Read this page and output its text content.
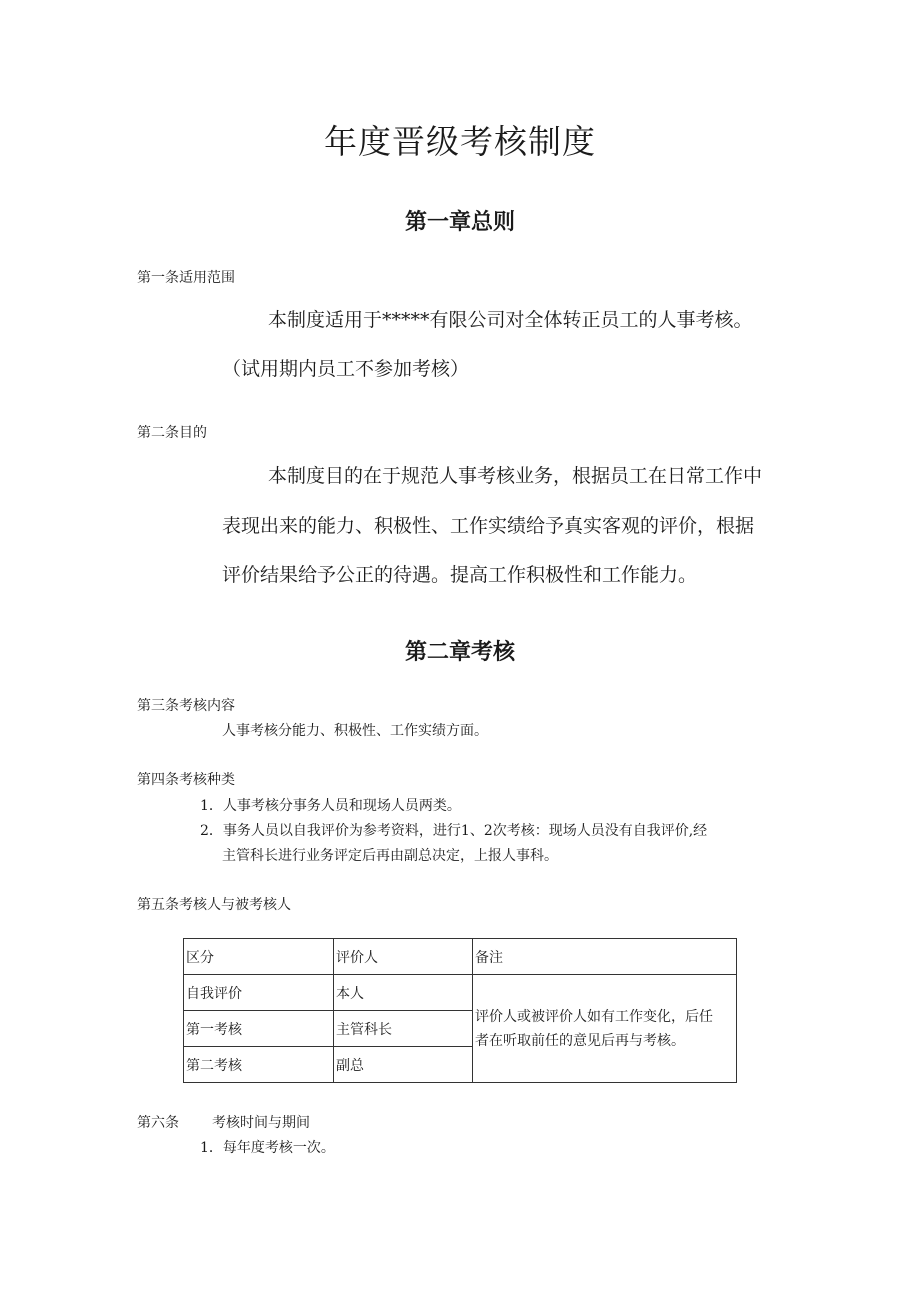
年度晋级考核制度
第一章总则
第一条适用范围
本制度适用于*****有限公司对全体转正员工的人事考核。
（试用期内员工不参加考核）
第二条目的
本制度目的在于规范人事考核业务，根据员工在日常工作中
表现出来的能力、积极性、工作实绩给予真实客观的评价，根据
评价结果给予公正的待遇。提高工作积极性和工作能力。
第二章考核
第三条考核内容
人事考核分能力、积极性、工作实绩方面。
第四条考核种类
1．人事考核分事务人员和现场人员两类。
2．事务人员以自我评价为参考资料，进行1、2次考核：现场人员没有自我评价,经
主管科长进行业务评定后再由副总决定，上报人事科。
第五条考核人与被考核人
区分	评价人	备注
自我评价	本人	评价人或被评价人如有工作变化，后任
者在听取前任的意见后再与考核。

第一考核	主管科长	
第二考核	副总	
第六条 考核时间与期间
1．每年度考核一次。
